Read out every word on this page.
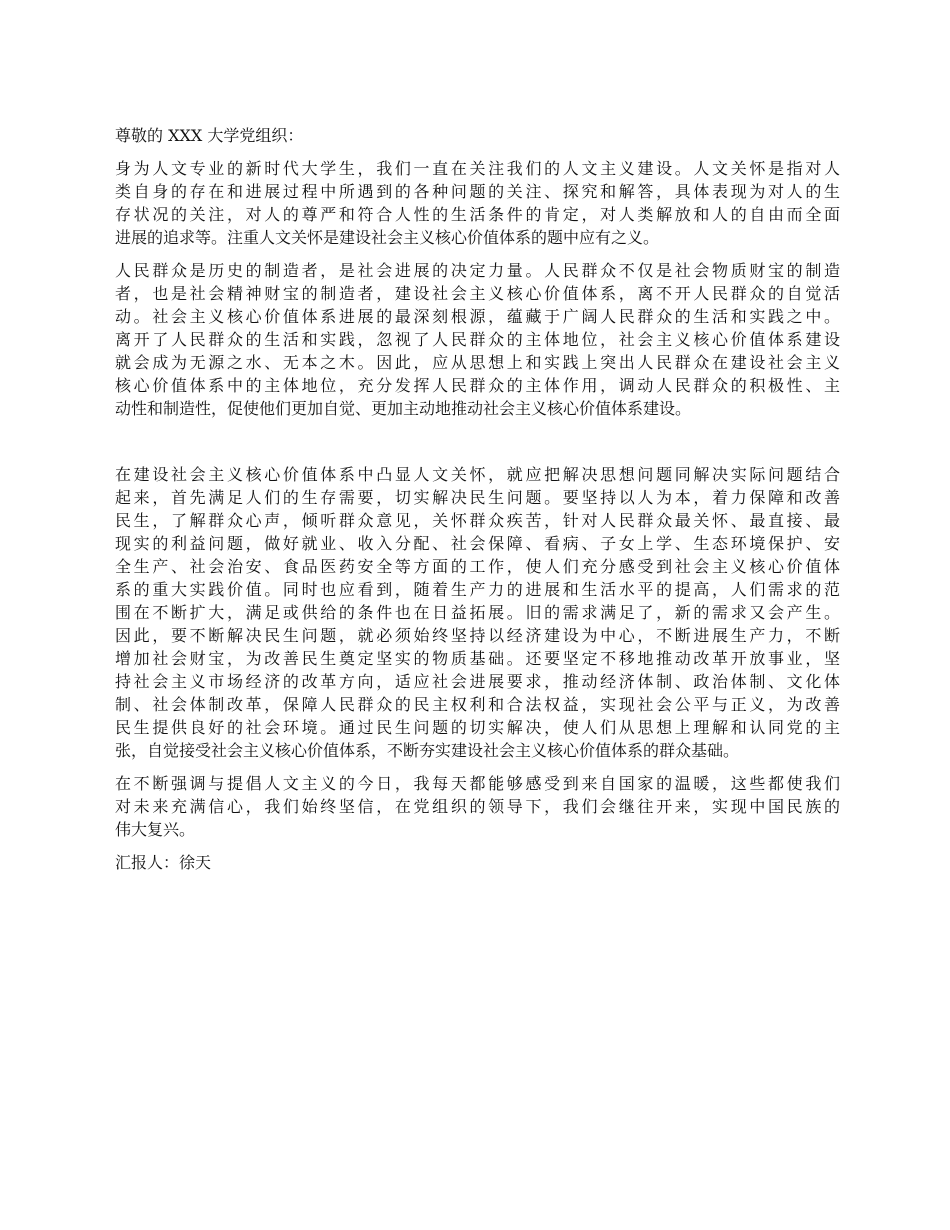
尊敬的 XXX 大学党组织：
身为人文专业的新时代大学生，我们一直在关注我们的人文主义建设。人文关怀是指对人
类自身的存在和进展过程中所遇到的各种问题的关注、探究和解答，具体表现为对人的生
存状况的关注，对人的尊严和符合人性的生活条件的肯定，对人类解放和人的自由而全面
进展的追求等。注重人文关怀是建设社会主义核心价值体系的题中应有之义。
人民群众是历史的制造者，是社会进展的决定力量。人民群众不仅是社会物质财宝的制造
者，也是社会精神财宝的制造者，建设社会主义核心价值体系，离不开人民群众的自觉活
动。社会主义核心价值体系进展的最深刻根源，蕴藏于广阔人民群众的生活和实践之中。
离开了人民群众的生活和实践，忽视了人民群众的主体地位，社会主义核心价值体系建设
就会成为无源之水、无本之木。因此，应从思想上和实践上突出人民群众在建设社会主义
核心价值体系中的主体地位，充分发挥人民群众的主体作用，调动人民群众的积极性、主
动性和制造性，促使他们更加自觉、更加主动地推动社会主义核心价值体系建设。
在建设社会主义核心价值体系中凸显人文关怀，就应把解决思想问题同解决实际问题结合
起来，首先满足人们的生存需要，切实解决民生问题。要坚持以人为本，着力保障和改善
民生，了解群众心声，倾听群众意见，关怀群众疾苦，针对人民群众最关怀、最直接、最
现实的利益问题，做好就业、收入分配、社会保障、看病、子女上学、生态环境保护、安
全生产、社会治安、食品医药安全等方面的工作，使人们充分感受到社会主义核心价值体
系的重大实践价值。同时也应看到，随着生产力的进展和生活水平的提高，人们需求的范
围在不断扩大，满足或供给的条件也在日益拓展。旧的需求满足了，新的需求又会产生。
因此，要不断解决民生问题，就必须始终坚持以经济建设为中心，不断进展生产力，不断
增加社会财宝，为改善民生奠定坚实的物质基础。还要坚定不移地推动改革开放事业，坚
持社会主义市场经济的改革方向，适应社会进展要求，推动经济体制、政治体制、文化体
制、社会体制改革，保障人民群众的民主权利和合法权益，实现社会公平与正义，为改善
民生提供良好的社会环境。通过民生问题的切实解决，使人们从思想上理解和认同党的主
张，自觉接受社会主义核心价值体系，不断夯实建设社会主义核心价值体系的群众基础。
在不断强调与提倡人文主义的今日，我每天都能够感受到来自国家的温暖，这些都使我们
对未来充满信心，我们始终坚信，在党组织的领导下，我们会继往开来，实现中国民族的
伟大复兴。
汇报人：徐天
